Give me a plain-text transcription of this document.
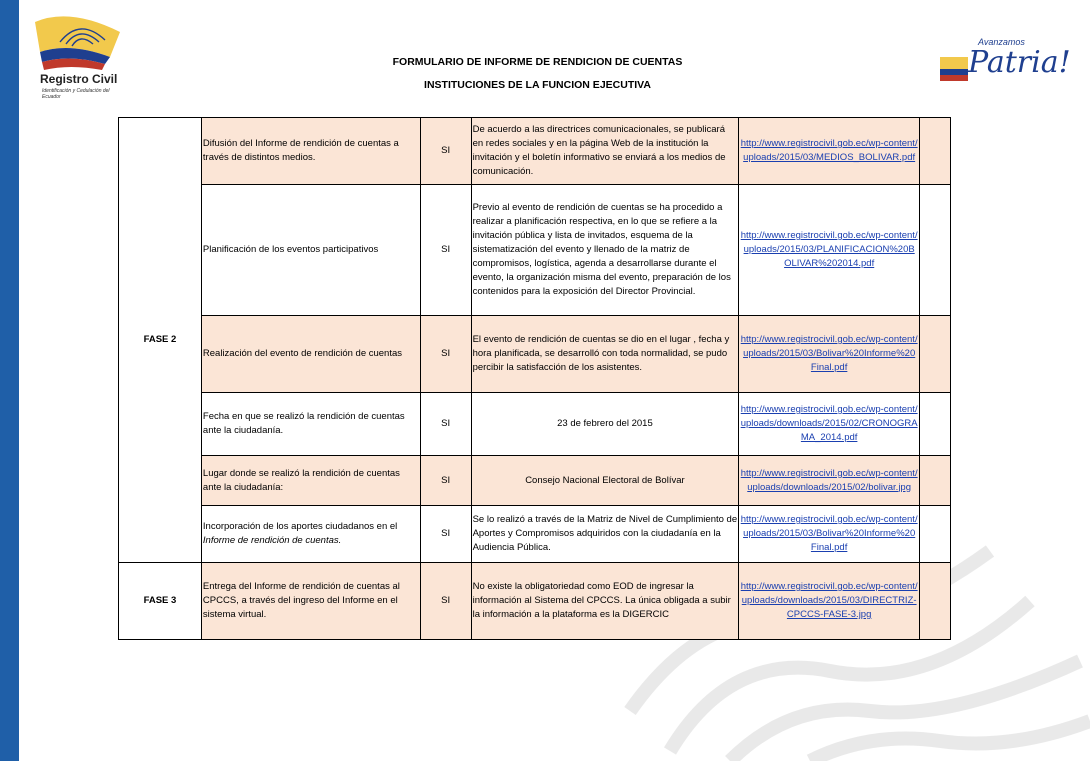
Registro Civil
Identificación y Cedulación del Ecuador
Avanzamos
Patria!
FORMULARIO DE INFORME DE RENDICION DE CUENTAS
INSTITUCIONES DE LA FUNCION EJECUTIVA
FASE 2	Difusión del Informe de rendición de cuentas a través de distintos medios.	SI	De acuerdo a las directrices comunicacionales, se publicará en redes sociales y en la página Web de la institución la invitación y el boletín informativo se enviará a los medios de comunicación.	http://www.registrocivil.gob.ec/wp-content/uploads/2015/03/MEDIOS_BOLIVAR.pdf	
	Planificación de los eventos participativos	SI	Previo al evento de rendición de cuentas se ha procedido a realizar a planificación respectiva, en lo que se refiere a la invitación pública y lista de invitados, esquema de la sistematización del evento y llenado de la matriz de compromisos, logística, agenda a desarrollarse durante el evento, la organización misma del evento, preparación de los contenidos para la exposición del Director Provincial.	http://www.registrocivil.gob.ec/wp-content/uploads/2015/03/PLANIFICACION%20BOLIVAR%202014.pdf	
	Realización del evento de rendición de cuentas	SI	El evento de rendición de cuentas se dio en el lugar , fecha y hora planificada, se desarrolló con toda normalidad, se pudo percibir la satisfacción de los asistentes.	http://www.registrocivil.gob.ec/wp-content/uploads/2015/03/Bolivar%20Informe%20Final.pdf	
	Fecha en que se realizó la rendición de cuentas ante la ciudadanía.	SI	23 de febrero del 2015	http://www.registrocivil.gob.ec/wp-content/uploads/downloads/2015/02/CRONOGRAMA_2014.pdf	
	Lugar donde se realizó la rendición de cuentas ante la ciudadanía:	SI	Consejo Nacional Electoral de Bolívar	http://www.registrocivil.gob.ec/wp-content/uploads/downloads/2015/02/bolivar.jpg	
	Incorporación de los aportes ciudadanos en el Informe de rendición de cuentas.	SI	Se lo realizó a través de la Matriz de Nivel de Cumplimiento de Aportes y Compromisos adquiridos con la ciudadanía en la Audiencia Pública.	http://www.registrocivil.gob.ec/wp-content/uploads/2015/03/Bolivar%20Informe%20Final.pdf	
FASE 3	Entrega del Informe de rendición de cuentas al CPCCS, a través del ingreso del Informe en el sistema virtual.	SI	No existe la obligatoriedad como EOD de ingresar la información al Sistema del CPCCS. La única obligada a subir la información a la plataforma es la DIGERCIC	http://www.registrocivil.gob.ec/wp-content/uploads/downloads/2015/03/DIRECTRIZ-CPCCS-FASE-3.jpg	
